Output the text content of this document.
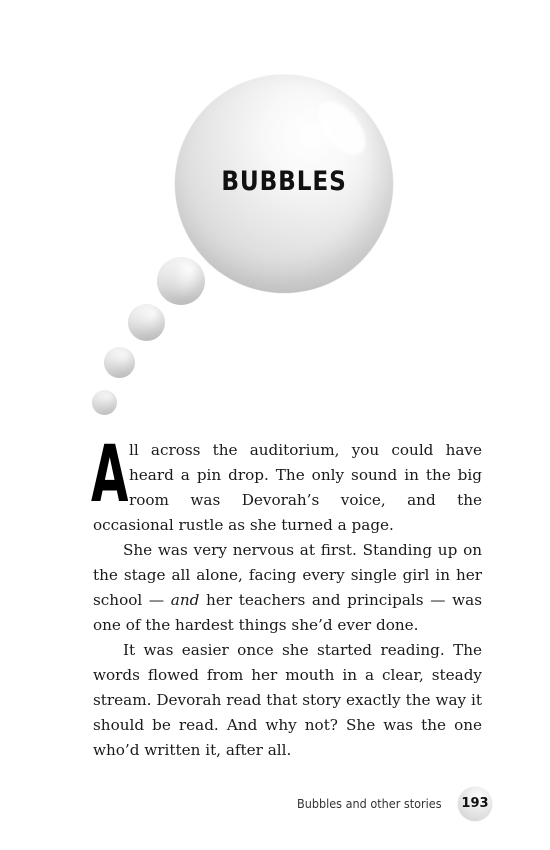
BUBBLES

All across the auditorium, you could have heard a pin drop. The only sound in the big room was Devorah’s voice, and the occasional rustle as she turned a page.

She was very nervous at first. Standing up on the stage all alone, facing every single girl in her school — and her teachers and principals — was one of the hardest things she’d ever done.

It was easier once she started reading. The words flowed from her mouth in a clear, steady stream. Devorah read that story exactly the way it should be read. And why not? She was the one who’d written it, after all.

Bubbles and other stories 193
